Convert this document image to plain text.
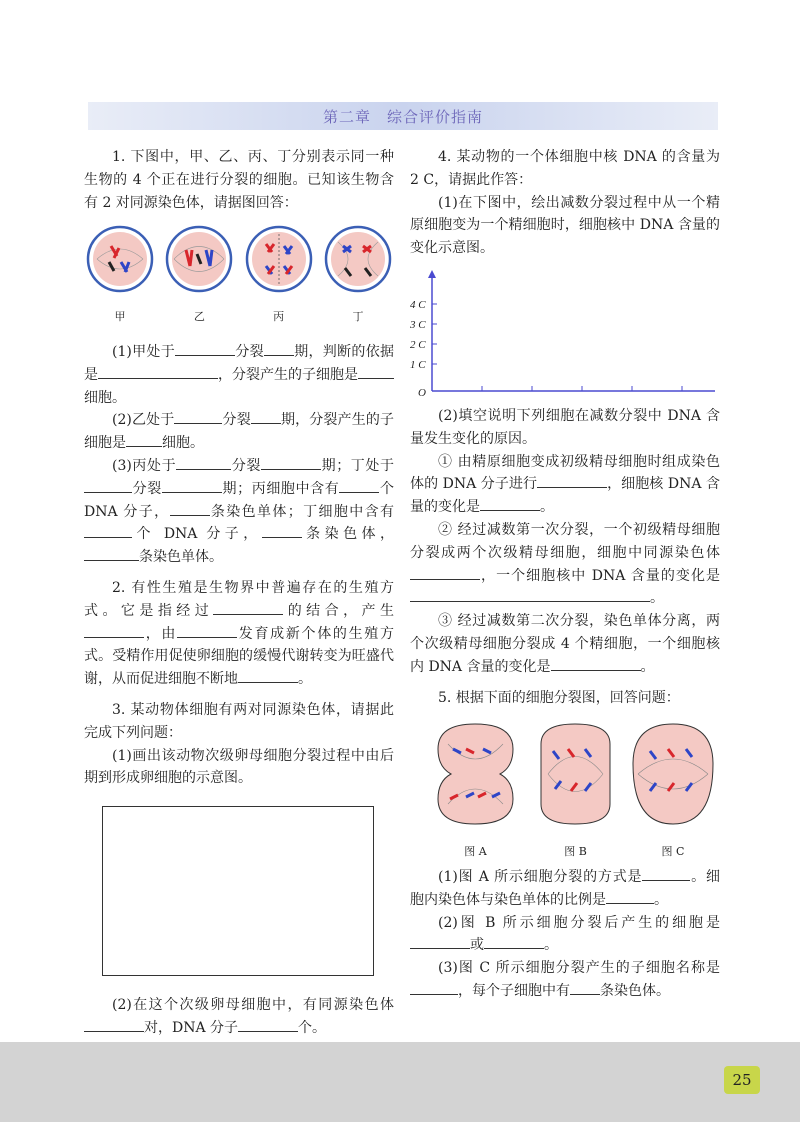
第二章　综合评价指南

1. 下图中，甲、乙、丙、丁分别表示同一种生物的 4 个正在进行分裂的细胞。已知该生物含有 2 对同源染色体，请据图回答：

甲	乙	丙	丁

(1)甲处于	分裂 期，判断的依据是	，分裂产生的子细胞是细胞。

(2)乙处于	分裂 期，分裂产生的子细胞是	细胞。

(3)丙处于	分裂	期；丁处于分裂	期；丙细胞中含有	个 DNA 分子，	条染色单体；丁细胞中含有个 DNA 分子，	条染色体，条染色单体。

2. 有性生殖是生物界中普遍存在的生殖方式。它是指经过	的结合，产生，由	发育成新个体的生殖方式。受精作用促使卵细胞的缓慢代谢转变为旺盛代谢，从而促进细胞不断地	。

3. 某动物体细胞有两对同源染色体，请据此完成下列问题：

(1)画出该动物次级卵母细胞分裂过程中由后期到形成卵细胞的示意图。

(2)在这个次级卵母细胞中，有同源染色体对，DNA 分子	个。

4. 某动物的一个体细胞中核 DNA 的含量为 2 C，请据此作答：

(1)在下图中，绘出减数分裂过程中从一个精原细胞变为一个精细胞时，细胞核中 DNA 含量的变化示意图。

4 C
3 C
2 C
1 C
O

(2)填空说明下列细胞在减数分裂中 DNA 含量发生变化的原因。

① 由精原细胞变成初级精母细胞时组成染色体的 DNA 分子进行	，细胞核 DNA 含量的变化是	。

② 经过减数第一次分裂，一个初级精母细胞分裂成两个次级精母细胞，细胞中同源染色体，一个细胞核中 DNA 含量的变化是。

③ 经过减数第二次分裂，染色单体分离，两个次级精母细胞分裂成 4 个精细胞，一个细胞核内 DNA 含量的变化是	。

5. 根据下面的细胞分裂图，回答问题：

图 A	图 B	图 C

(1)图 A 所示细胞分裂的方式是	。细胞内染色体与染色单体的比例是	。

(2)图 B 所示细胞分裂后产生的细胞是或	。

(3)图 C 所示细胞分裂产生的子细胞名称是，每个子细胞中有 条染色体。

25
